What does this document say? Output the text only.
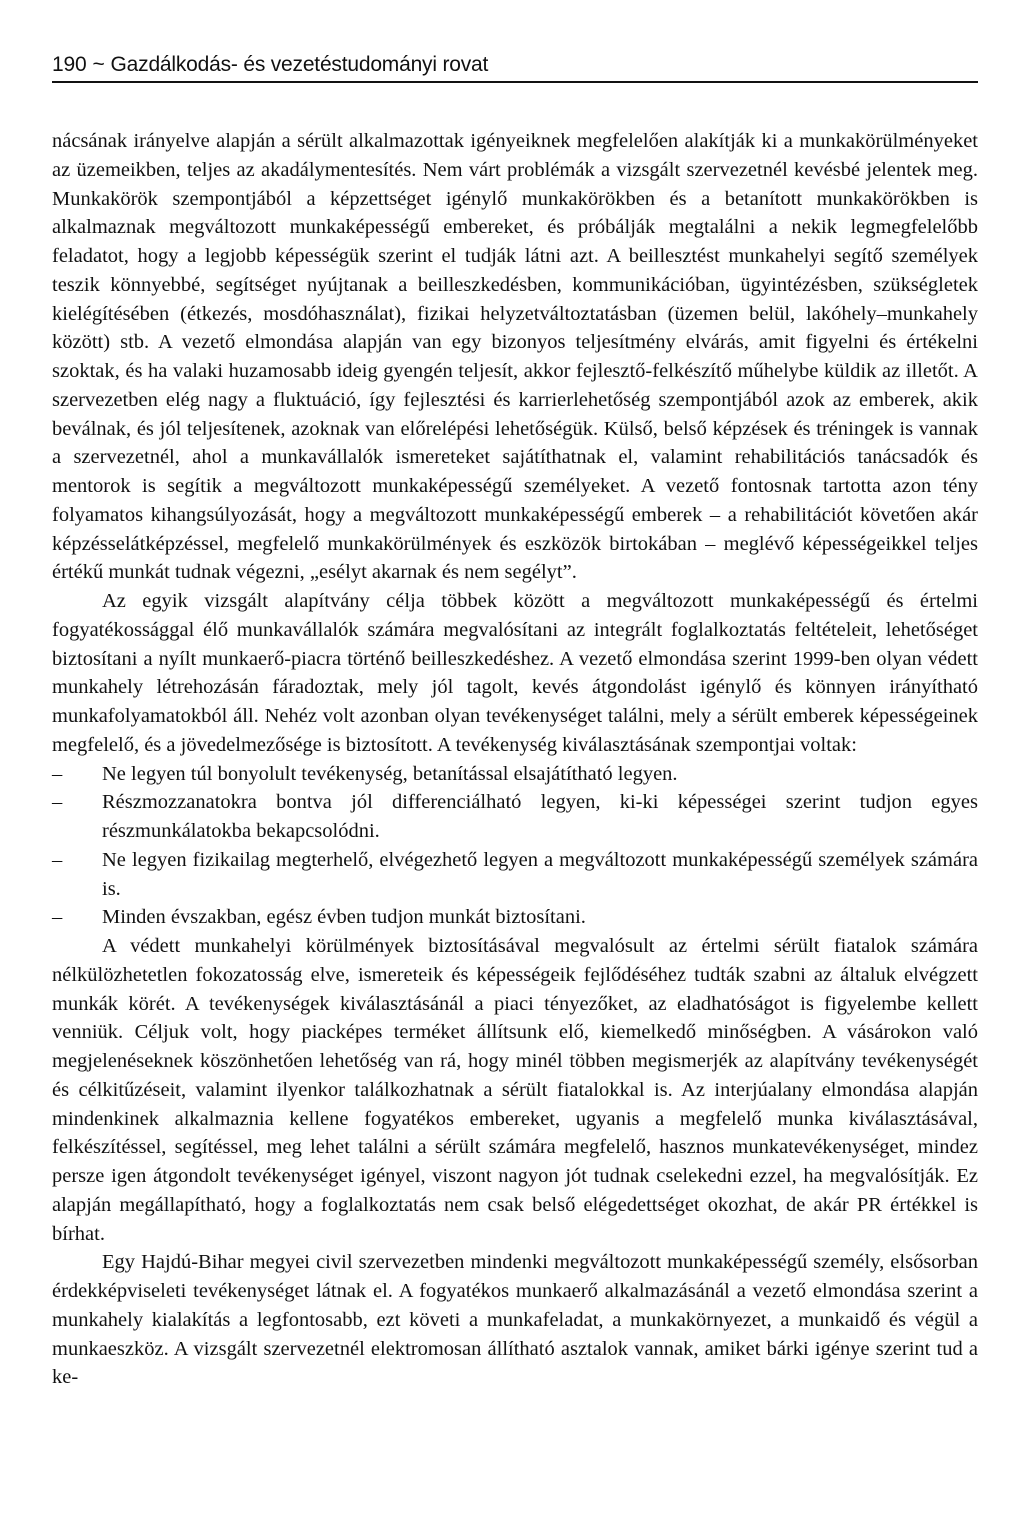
190 ~ Gazdálkodás- és vezetéstudományi rovat

nácsának irányelve alapján a sérült alkalmazottak igényeiknek megfelelően alakítják ki a munkakörülményeket az üzemeikben, teljes az akadálymentesítés. Nem várt problémák a vizsgált szervezetnél kevésbé jelentek meg. Munkakörök szempontjából a képzettséget igénylő munkakörökben és a betanított munkakörökben is alkalmaznak megváltozott munkaképességű embereket, és próbálják megtalálni a nekik legmegfelelőbb feladatot, hogy a legjobb képességük szerint el tudják látni azt. A beillesztést munkahelyi segítő személyek teszik könnyebbé, segítséget nyújtanak a beilleszkedésben, kommunikációban, ügyintézésben, szükségletek kielégítésében (étkezés, mosdóhasználat), fizikai helyzetváltoztatásban (üzemen belül, lakóhely–munkahely között) stb. A vezető elmondása alapján van egy bizonyos teljesítmény elvárás, amit figyelni és értékelni szoktak, és ha valaki huzamosabb ideig gyengén teljesít, akkor fejlesztő-felkészítő műhelybe küldik az illetőt. A szervezetben elég nagy a fluktuáció, így fejlesztési és karrierlehetőség szempontjából azok az emberek, akik beválnak, és jól teljesítenek, azoknak van előrelépési lehetőségük. Külső, belső képzések és tréningek is vannak a szervezetnél, ahol a munkavállalók ismereteket sajátíthatnak el, valamint rehabilitációs tanácsadók és mentorok is segítik a megváltozott munkaképességű személyeket. A vezető fontosnak tartotta azon tény folyamatos kihangsúlyozását, hogy a megváltozott munkaképességű emberek – a rehabilitációt követően akár képzésselátképzéssel, megfelelő munkakörülmények és eszközök birtokában – meglévő képességeikkel teljes értékű munkát tudnak végezni, „esélyt akarnak és nem segélyt”.

Az egyik vizsgált alapítvány célja többek között a megváltozott munkaképességű és értelmi fogyatékossággal élő munkavállalók számára megvalósítani az integrált foglalkoztatás feltételeit, lehetőséget biztosítani a nyílt munkaerő-piacra történő beilleszkedéshez. A vezető elmondása szerint 1999-ben olyan védett munkahely létrehozásán fáradoztak, mely jól tagolt, kevés átgondolást igénylő és könnyen irányítható munkafolyamatokból áll. Nehéz volt azonban olyan tevékenységet találni, mely a sérült emberek képességeinek megfelelő, és a jövedelmezősége is biztosított. A tevékenység kiválasztásának szempontjai voltak:

–	Ne legyen túl bonyolult tevékenység, betanítással elsajátítható legyen.
–	Részmozzanatokra bontva jól differenciálható legyen, ki-ki képességei szerint tudjon egyes részmunkálatokba bekapcsolódni.
–	Ne legyen fizikailag megterhelő, elvégezhető legyen a megváltozott munkaképességű személyek számára is.
–	Minden évszakban, egész évben tudjon munkát biztosítani.

A védett munkahelyi körülmények biztosításával megvalósult az értelmi sérült fiatalok számára nélkülözhetetlen fokozatosság elve, ismereteik és képességeik fejlődéséhez tudták szabni az általuk elvégzett munkák körét. A tevékenységek kiválasztásánál a piaci tényezőket, az eladhatóságot is figyelembe kellett venniük. Céljuk volt, hogy piacképes terméket állítsunk elő, kiemelkedő minőségben. A vásárokon való megjelenéseknek köszönhetően lehetőség van rá, hogy minél többen megismerjék az alapítvány tevékenységét és célkitűzéseit, valamint ilyenkor találkozhatnak a sérült fiatalokkal is. Az interjúalany elmondása alapján mindenkinek alkalmaznia kellene fogyatékos embereket, ugyanis a megfelelő munka kiválasztásával, felkészítéssel, segítéssel, meg lehet találni a sérült számára megfelelő, hasznos munkatevékenységet, mindez persze igen átgondolt tevékenységet igényel, viszont nagyon jót tudnak cselekedni ezzel, ha megvalósítják. Ez alapján megállapítható, hogy a foglalkoztatás nem csak belső elégedettséget okozhat, de akár PR értékkel is bírhat.

Egy Hajdú-Bihar megyei civil szervezetben mindenki megváltozott munkaképességű személy, elsősorban érdekképviseleti tevékenységet látnak el. A fogyatékos munkaerő alkalmazásánál a vezető elmondása szerint a munkahely kialakítás a legfontosabb, ezt követi a munkafeladat, a munkakörnyezet, a munkaidő és végül a munkaeszköz. A vizsgált szervezetnél elektromosan állítható asztalok vannak, amiket bárki igénye szerint tud a ke-
